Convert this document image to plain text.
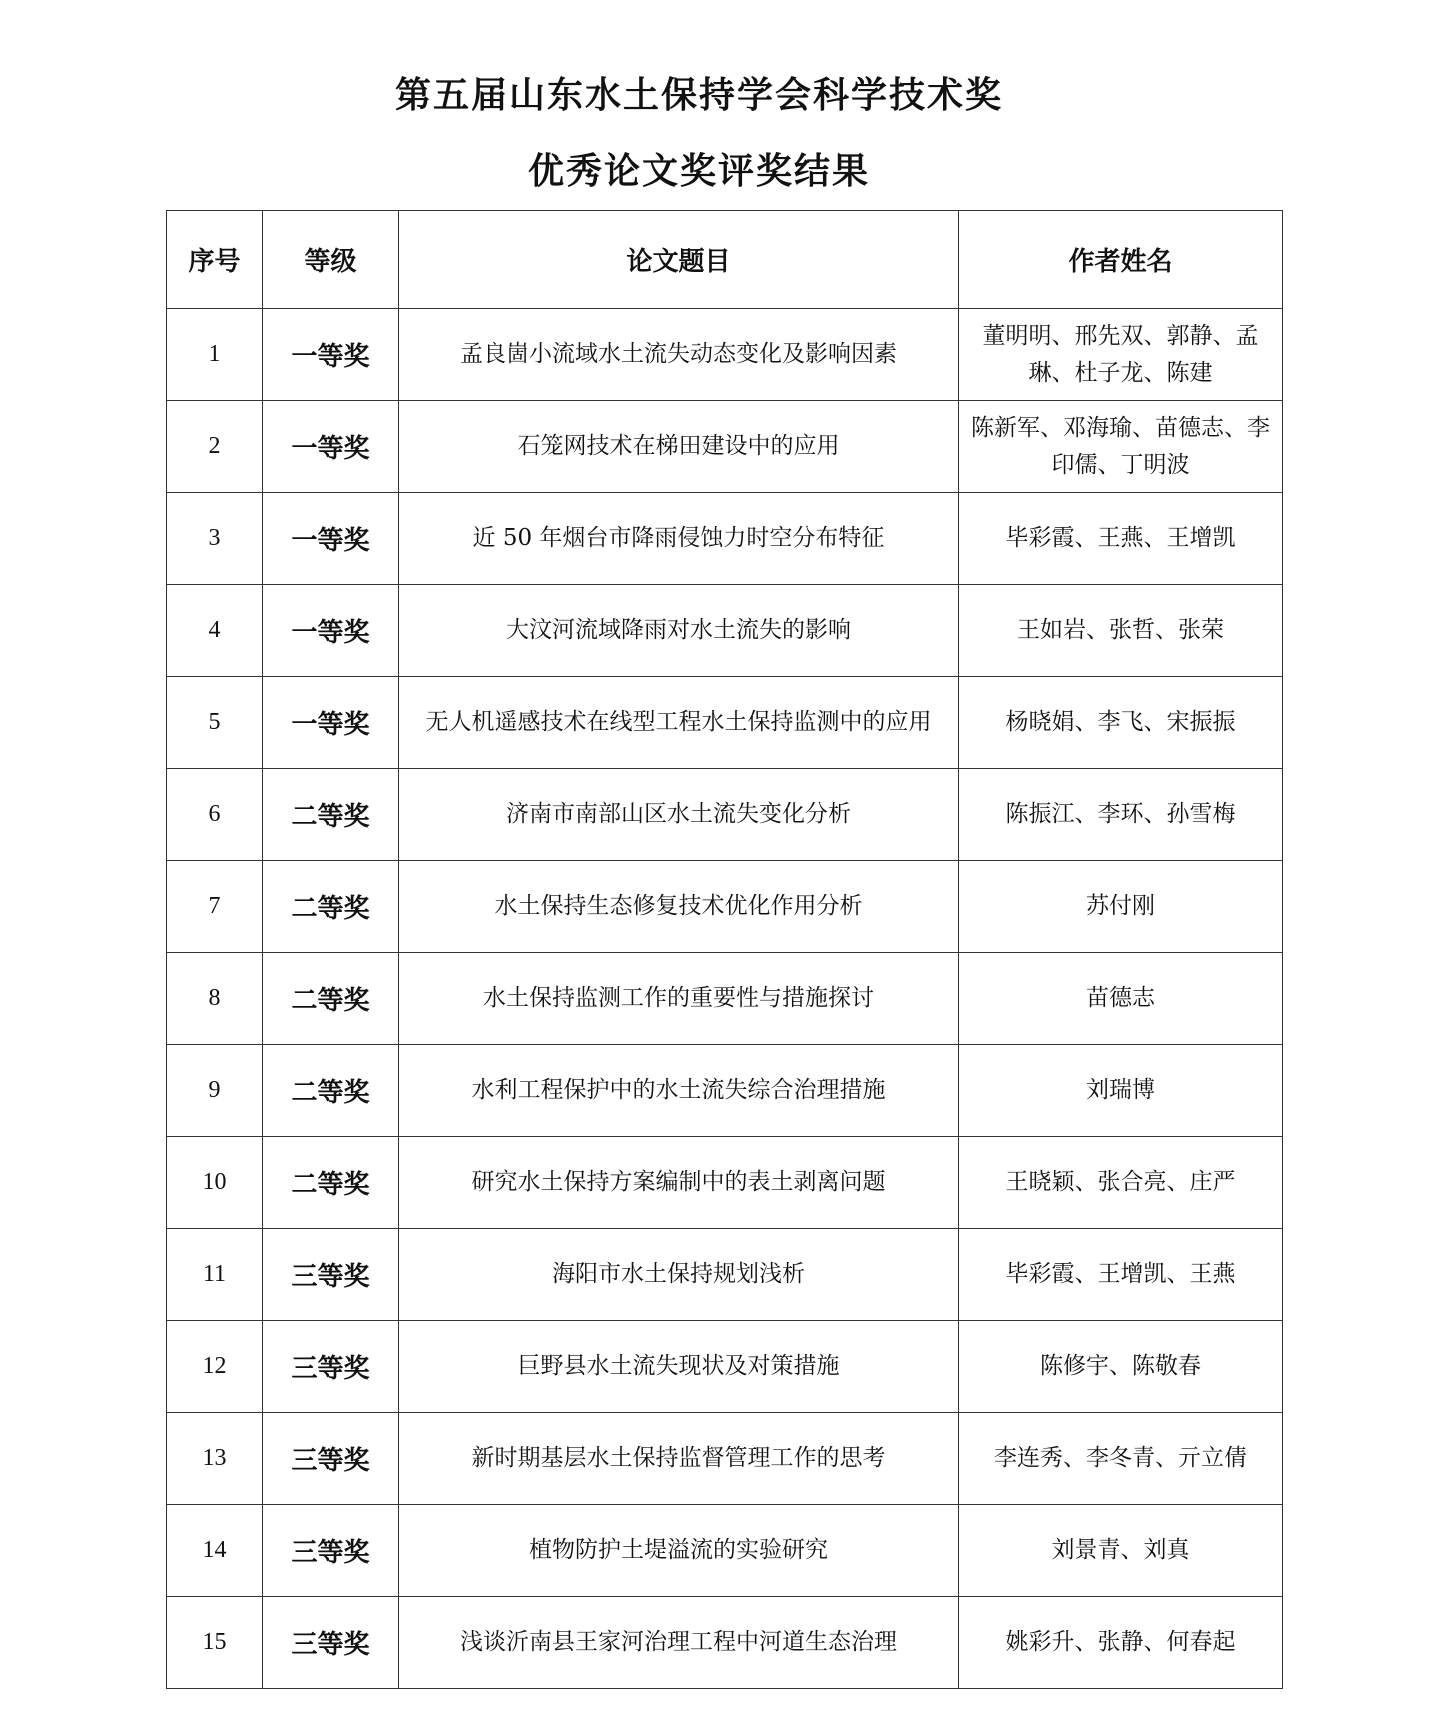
第五届山东水土保持学会科学技术奖
优秀论文奖评奖结果
序号	等级	论文题目	作者姓名
1	一等奖	孟良崮小流域水土流失动态变化及影响因素	董明明、邢先双、郭静、孟琳、杜子龙、陈建
2	一等奖	石笼网技术在梯田建设中的应用	陈新军、邓海瑜、苗德志、李印儒、丁明波
3	一等奖	近 50 年烟台市降雨侵蚀力时空分布特征	毕彩霞、王燕、王增凯
4	一等奖	大汶河流域降雨对水土流失的影响	王如岩、张哲、张荣
5	一等奖	无人机遥感技术在线型工程水土保持监测中的应用	杨晓娟、李飞、宋振振
6	二等奖	济南市南部山区水土流失变化分析	陈振江、李环、孙雪梅
7	二等奖	水土保持生态修复技术优化作用分析	苏付刚
8	二等奖	水土保持监测工作的重要性与措施探讨	苗德志
9	二等奖	水利工程保护中的水土流失综合治理措施	刘瑞博
10	二等奖	研究水土保持方案编制中的表土剥离问题	王晓颖、张合亮、庄严
11	三等奖	海阳市水土保持规划浅析	毕彩霞、王增凯、王燕
12	三等奖	巨野县水土流失现状及对策措施	陈修宇、陈敬春
13	三等奖	新时期基层水土保持监督管理工作的思考	李连秀、李冬青、亓立倩
14	三等奖	植物防护土堤溢流的实验研究	刘景青、刘真
15	三等奖	浅谈沂南县王家河治理工程中河道生态治理	姚彩升、张静、何春起
